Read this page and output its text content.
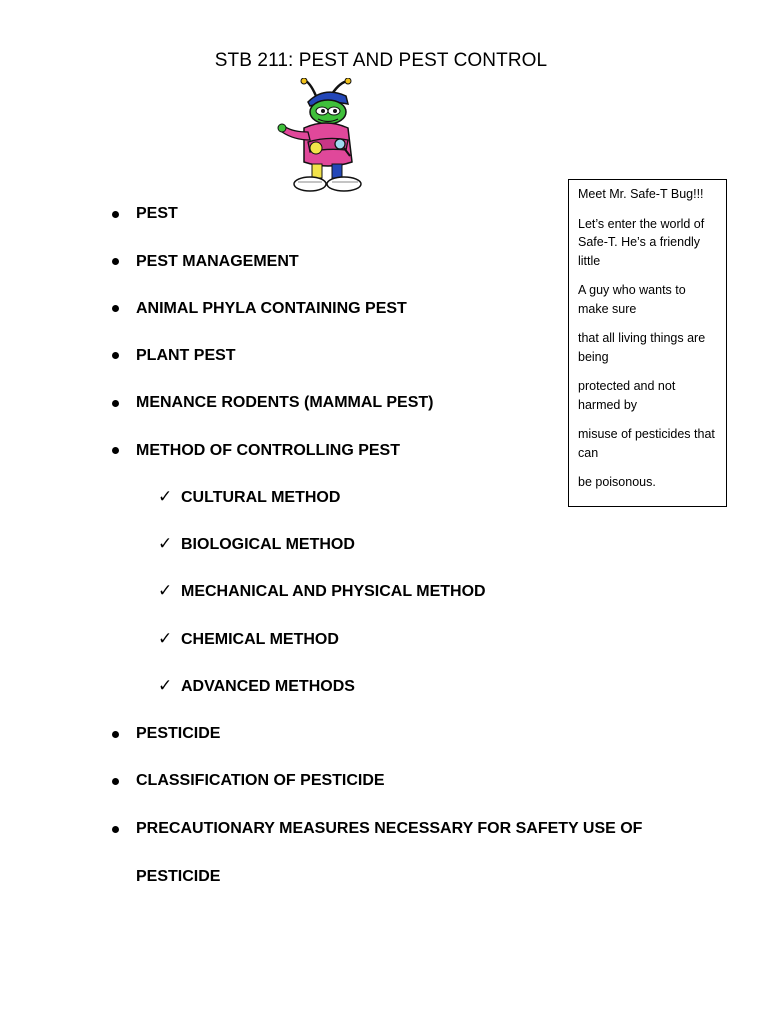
STB 211: PEST AND PEST CONTROL
PEST
PEST MANAGEMENT
ANIMAL PHYLA CONTAINING PEST
PLANT PEST
MENANCE RODENTS (MAMMAL PEST)
METHOD OF CONTROLLING PEST
✓ CULTURAL METHOD
✓ BIOLOGICAL METHOD
✓ MECHANICAL AND PHYSICAL METHOD
✓ CHEMICAL METHOD
✓ ADVANCED METHODS
PESTICIDE
CLASSIFICATION OF PESTICIDE
PRECAUTIONARY MEASURES NECESSARY FOR SAFETY USE OF
PESTICIDE

Meet Mr. Safe-T Bug!!!

Let’s enter the world of Safe-T. He’s a friendly little

A guy who wants to make sure

that all living things are being

protected and not harmed by

misuse of pesticides that can

be poisonous.
